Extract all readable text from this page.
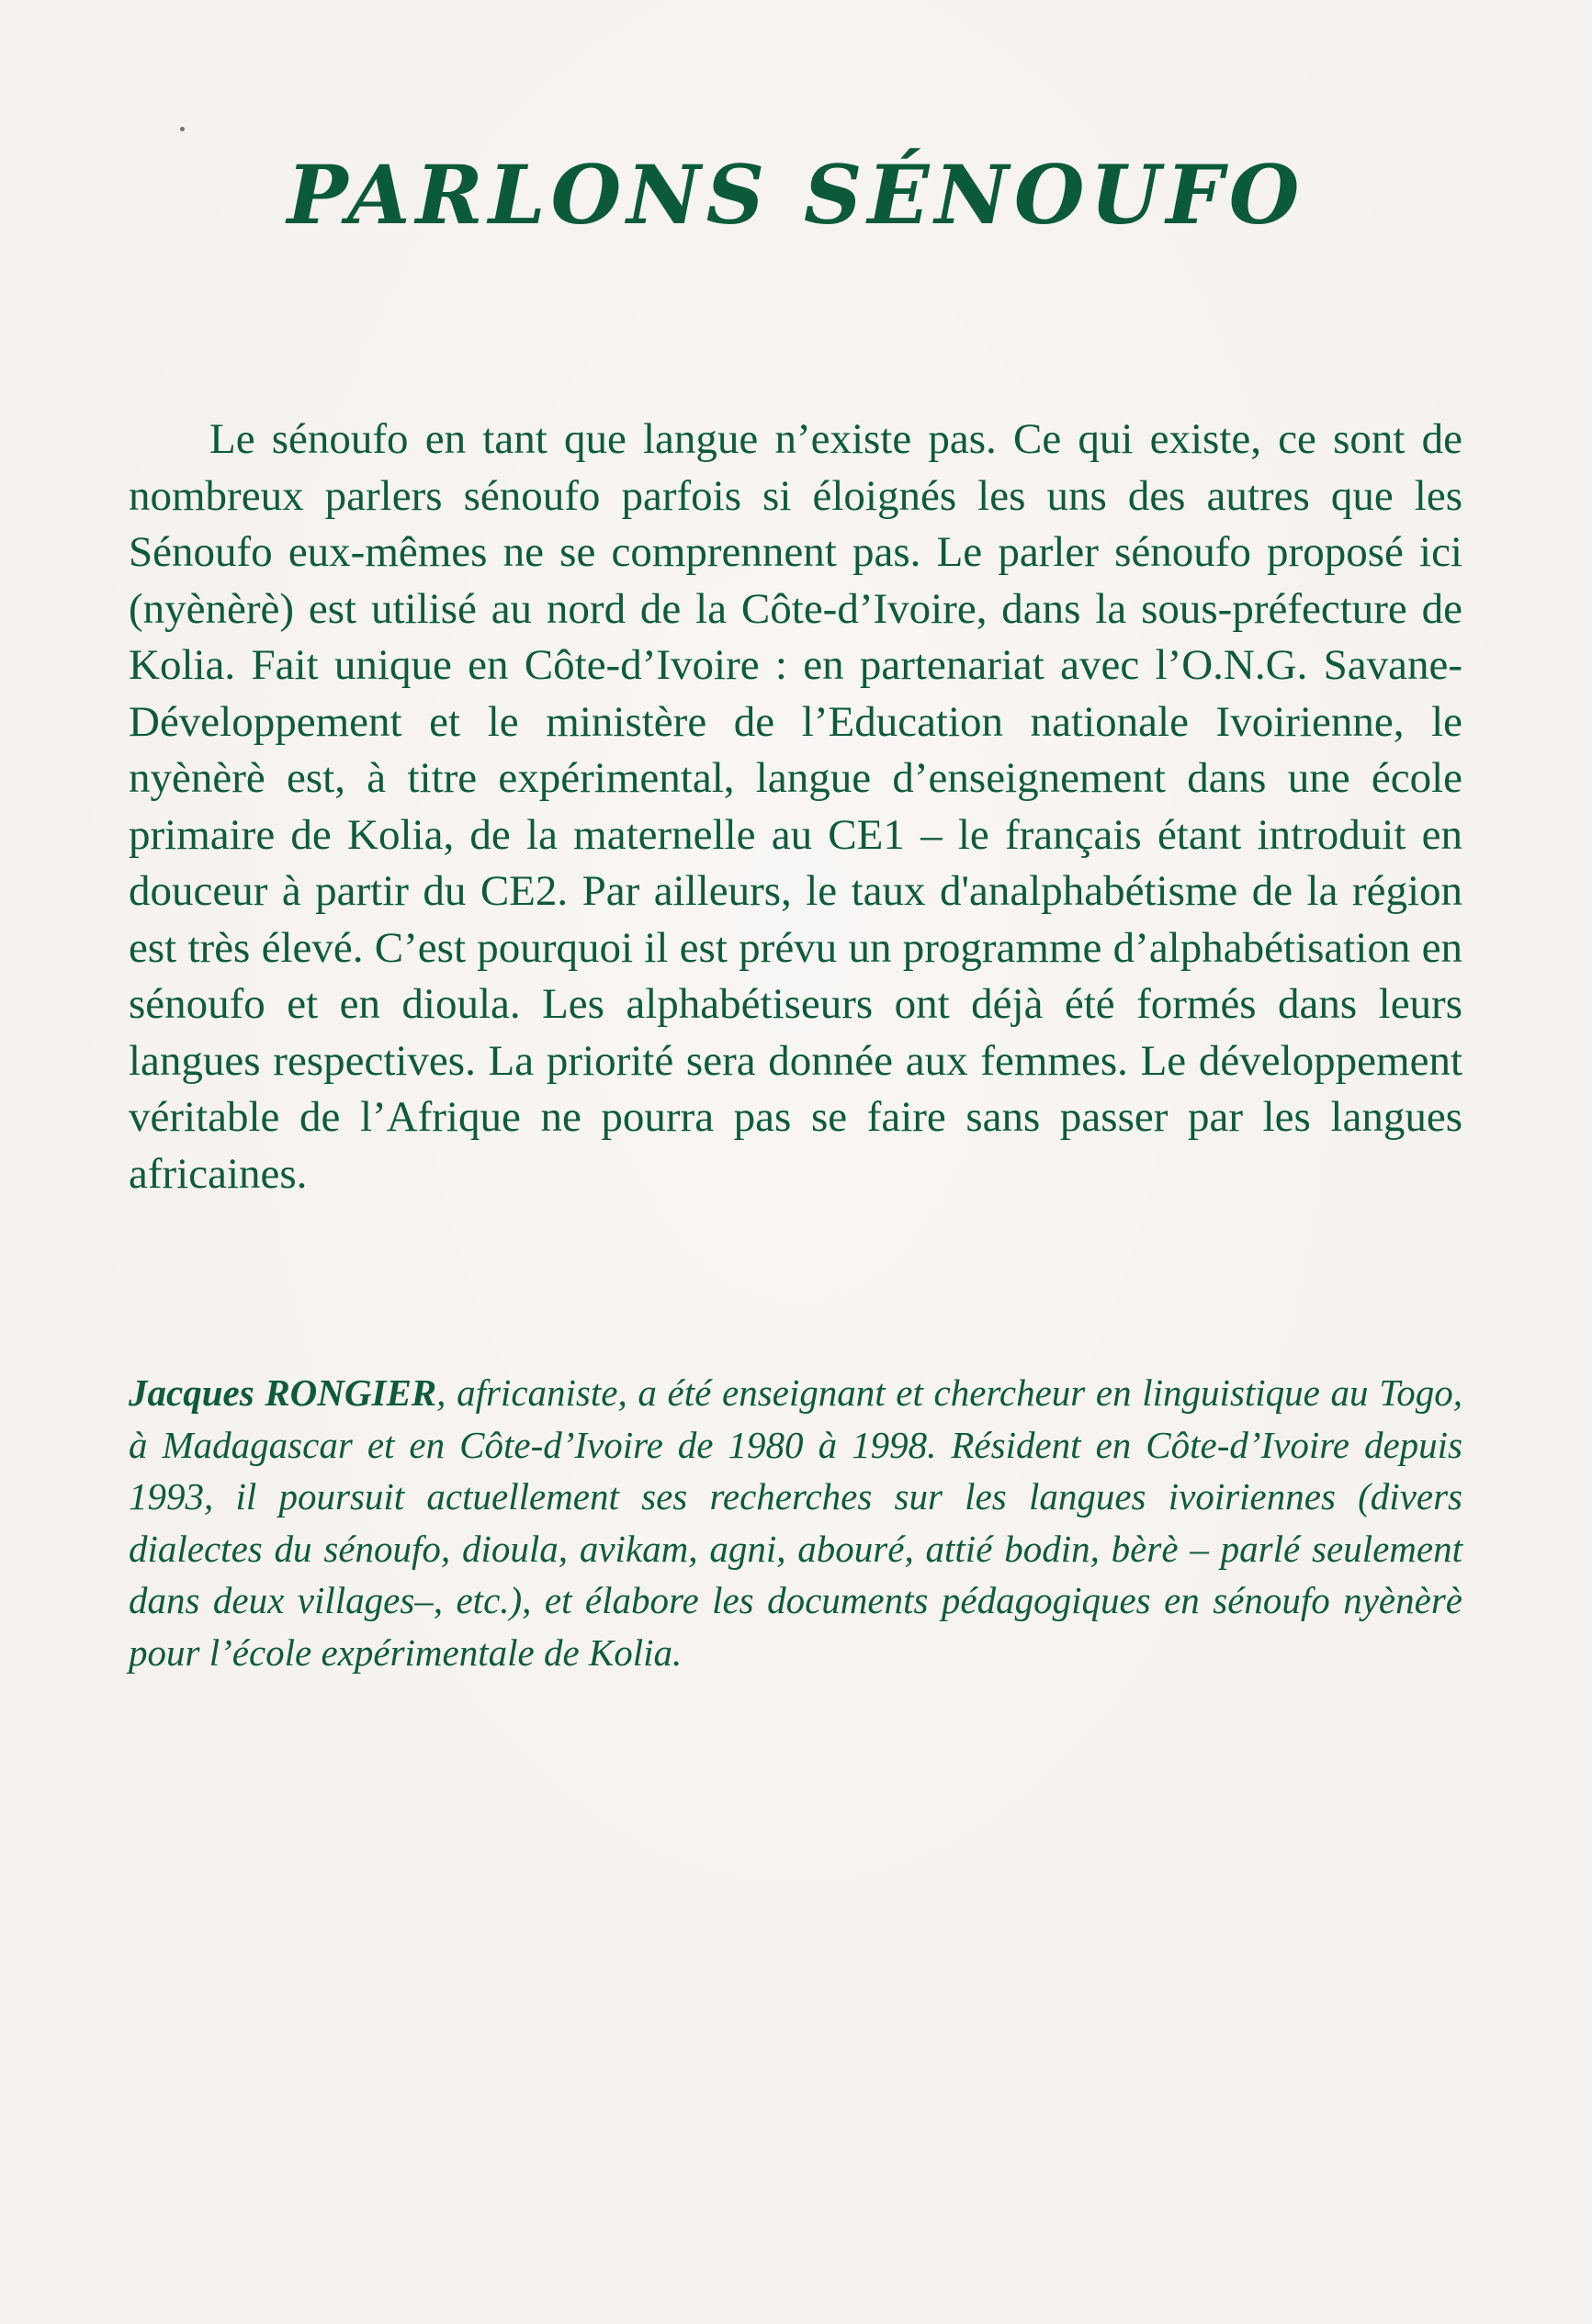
PARLONS SÉNOUFO

Le sénoufo en tant que langue n’existe pas. Ce qui existe, ce sont de nombreux parlers sénoufo parfois si éloignés les uns des autres que les Sénoufo eux-mêmes ne se comprennent pas. Le parler sénoufo proposé ici (nyènèrè) est utilisé au nord de la Côte-d’Ivoire, dans la sous-préfecture de Kolia. Fait unique en Côte-d’Ivoire : en partenariat avec l’O.N.G. Savane-Développement et le ministère de l’Education nationale Ivoirienne, le nyènèrè est, à titre expérimental, langue d’enseignement dans une école primaire de Kolia, de la maternelle au CE1 – le français étant introduit en douceur à partir du CE2. Par ailleurs, le taux d'analphabétisme de la région est très élevé. C’est pourquoi il est prévu un programme d’alphabétisation en sénoufo et en dioula. Les alphabétiseurs ont déjà été formés dans leurs langues respectives. La priorité sera donnée aux femmes. Le développement véritable de l’Afrique ne pourra pas se faire sans passer par les langues africaines.

Jacques RONGIER, africaniste, a été enseignant et chercheur en linguistique au Togo, à Madagascar et en Côte-d’Ivoire de 1980 à 1998. Résident en Côte-d’Ivoire depuis 1993, il poursuit actuellement ses recherches sur les langues ivoiriennes (divers dialectes du sénoufo, dioula, avikam, agni, abouré, attié bodin, bèrè – parlé seulement dans deux villages–, etc.), et élabore les documents pédagogiques en sénoufo nyènèrè pour l’école expérimentale de Kolia.
